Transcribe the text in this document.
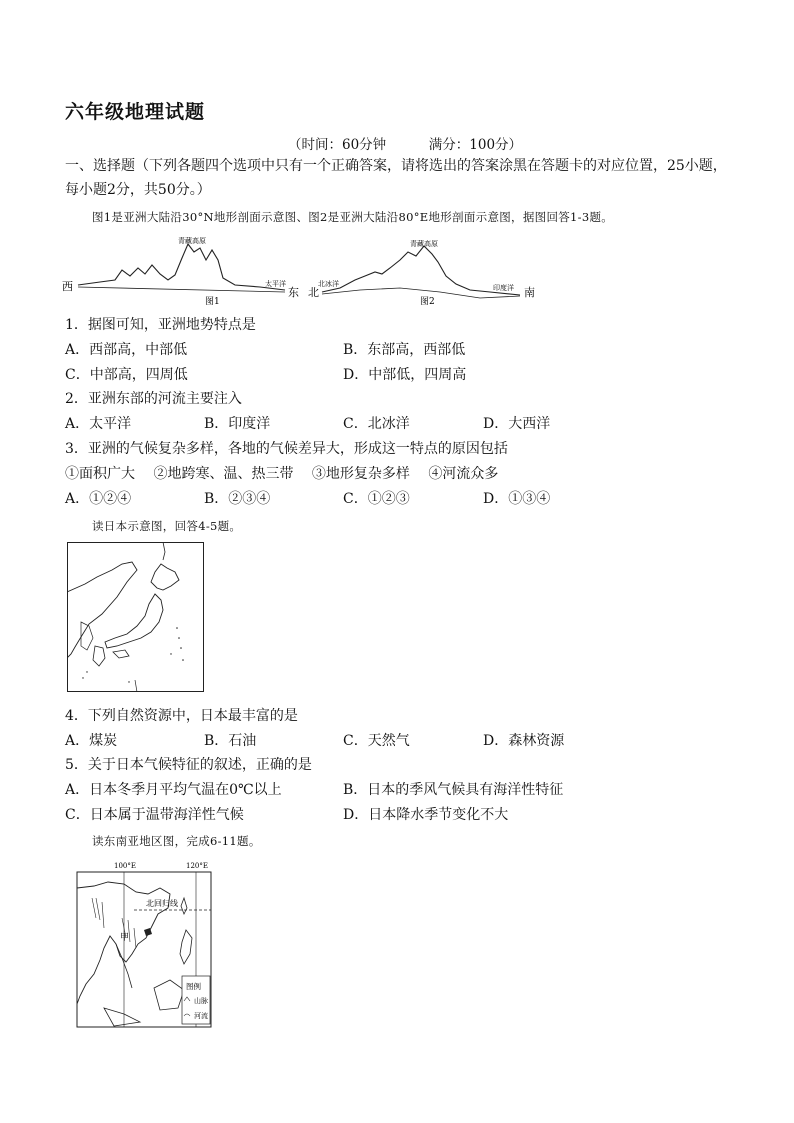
六年级地理试题
（时间：60分钟	满分：100分）
一、选择题（下列各题四个选项中只有一个正确答案，请将选出的答案涂黑在答题卡的对应位置，25小题，
每小题2分，共50分。）
图1是亚洲大陆沿30°N地形剖面示意图、图2是亚洲大陆沿80°E地形剖面示意图，据图回答1-3题。
西
青藏高原
太平洋
东
图1
北
北冰洋
青藏高原
印度洋 南
图2
1．据图可知，亚洲地势特点是
A．西部高，中部低	B．东部高，西部低
C．中部高，四周低	D．中部低，四周高
2．亚洲东部的河流主要注入
A．太平洋	B．印度洋	C．北冰洋	D．大西洋
3．亚洲的气候复杂多样，各地的气候差异大，形成这一特点的原因包括
①面积广大　 ②地跨寒、温、热三带　 ③地形复杂多样　 ④河流众多
A．①②④	B．②③④	C．①②③	D．①③④
读日本示意图，回答4-5题。
4．下列自然资源中，日本最丰富的是
A．煤炭	B．石油	C．天然气	D．森林资源
5．关于日本气候特征的叙述，正确的是
A．日本冬季月平均气温在0℃以上	B．日本的季风气候具有海洋性特征
C．日本属于温带海洋性气候	D．日本降水季节变化不大
读东南亚地区图，完成6-11题。
100°E	120°E
北回归线
甲
图例
山脉
河流
